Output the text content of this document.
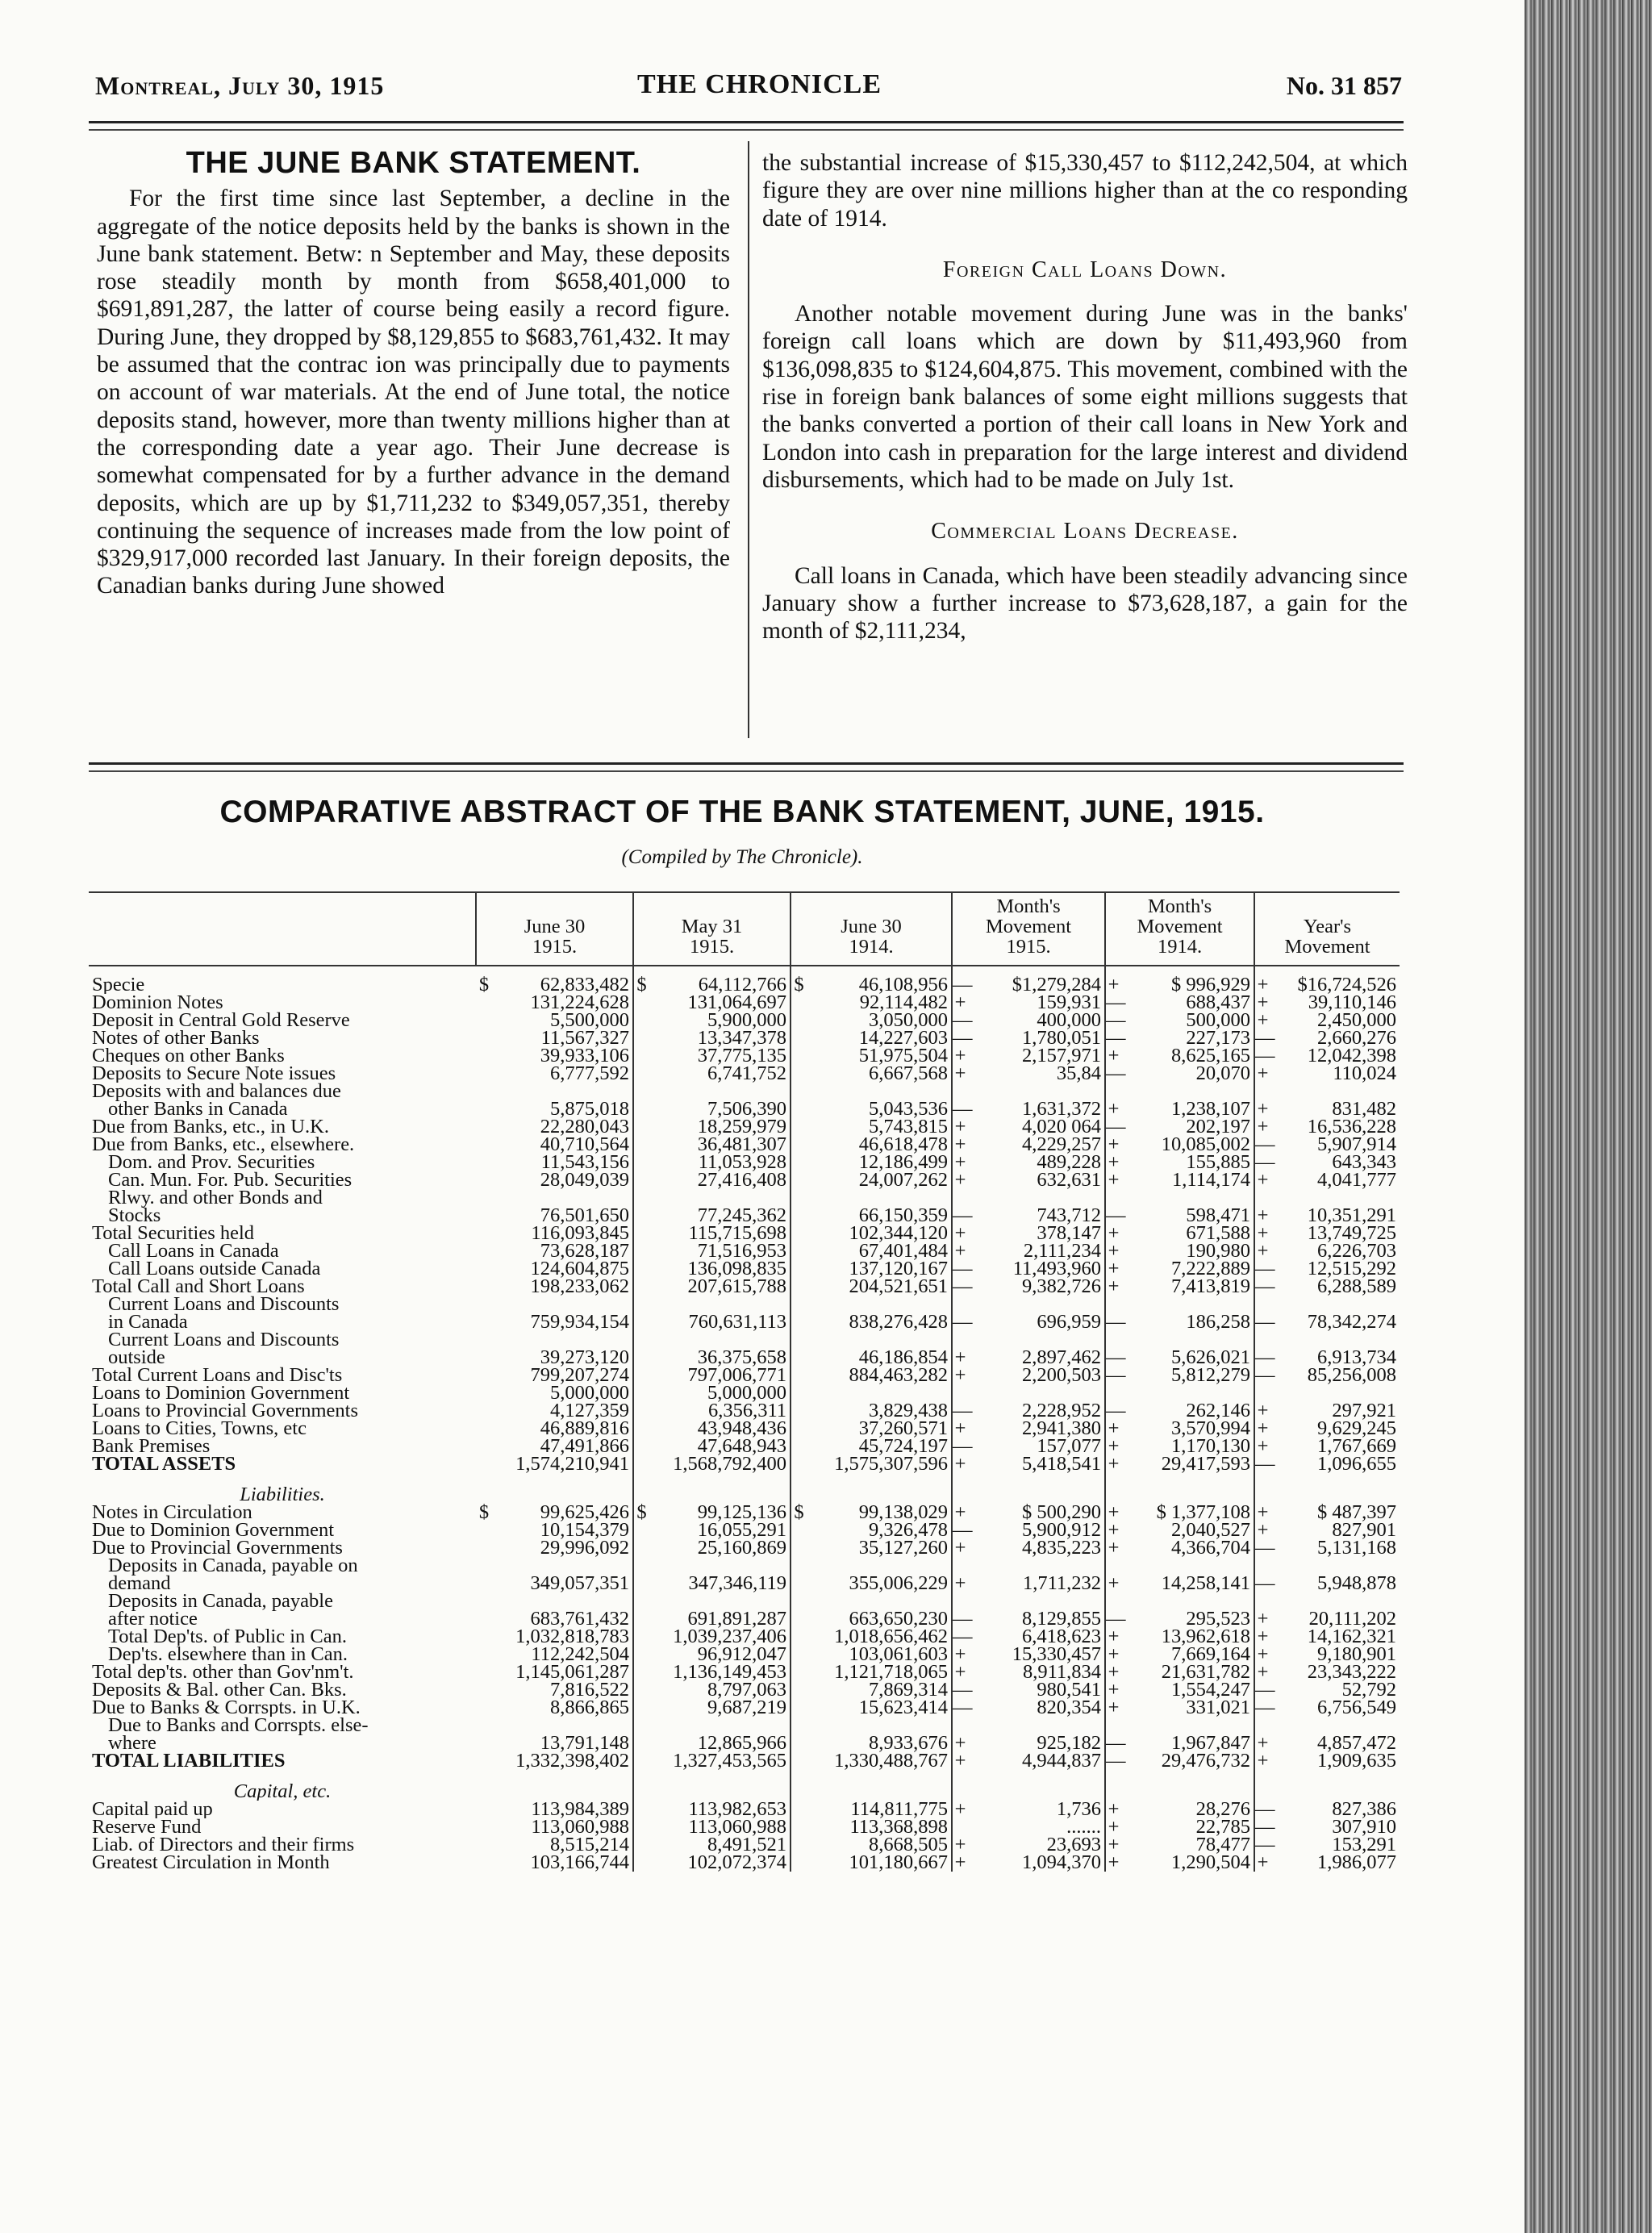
Montreal, July 30, 1915	THE CHRONICLE	No. 31 857
THE JUNE BANK STATEMENT.

For the first time since last September, a decline in the aggregate of the notice deposits held by the banks is shown in the June bank statement. Betw: n September and May, these deposits rose steadily month by month from $658,401,000 to $691,891,287, the latter of course being easily a record figure. During June, they dropped by $8,129,855 to $683,761,432. It may be assumed that the contrac ion was principally due to payments on account of war materials. At the end of June total, the notice deposits stand, however, more than twenty millions higher than at the corresponding date a year ago. Their June decrease is somewhat compensated for by a further advance in the demand deposits, which are up by $1,711,232 to $349,057,351, thereby continuing the sequence of increases made from the low point of $329,917,000 recorded last January. In their foreign deposits, the Canadian banks during June showed

the substantial increase of $15,330,457 to $112,242,504, at which figure they are over nine millions higher than at the co responding date of 1914.

Foreign Call Loans Down.

Another notable movement during June was in the banks' foreign call loans which are down by $11,493,960 from $136,098,835 to $124,604,875. This movement, combined with the rise in foreign bank balances of some eight millions suggests that the banks converted a portion of their call loans in New York and London into cash in preparation for the large interest and dividend disbursements, which had to be made on July 1st.

Commercial Loans Decrease.

Call loans in Canada, which have been steadily advancing since January show a further increase to $73,628,187, a gain for the month of $2,111,234,

COMPARATIVE ABSTRACT OF THE BANK STATEMENT, JUNE, 1915.
(Compiled by The Chronicle).
	June 30
1915.		May 31
1915.		June 30
1914.		Month's
Movement
1915.		Month's
Movement
1914.		Year's
Movement	

Specie	$	62,833,482	$	64,112,766	$	46,108,956	—	$1,279,284	+	$ 996,929	+	$16,724,526

Dominion Notes		131,224,628		131,064,697		92,114,482	+	159,931	—	688,437	+	39,110,146

Deposit in Central Gold Reserve		5,500,000		5,900,000		3,050,000	—	400,000	—	500,000	+	2,450,000

Notes of other Banks		11,567,327		13,347,378		14,227,603	—	1,780,051	—	227,173	—	2,660,276

Cheques on other Banks		39,933,106		37,775,135		51,975,504	+	2,157,971	+	8,625,165	—	12,042,398

Deposits to Secure Note issues		6,777,592		6,741,752		6,667,568	+	35,84	—	20,070	+	110,024

Deposits with and balances due
other Banks in Canada		5,875,018		7,506,390		5,043,536	—	1,631,372	+	1,238,107	+	831,482

Due from Banks, etc., in U.K.		22,280,043		18,259,979		5,743,815	+	4,020 064	—	202,197	+	16,536,228

Due from Banks, etc., elsewhere.		40,710,564		36,481,307		46,618,478	+	4,229,257	+	10,085,002	—	5,907,914

Dom. and Prov. Securities		11,543,156		11,053,928		12,186,499	+	489,228	+	155,885	—	643,343

Can. Mun. For. Pub. Securities		28,049,039		27,416,408		24,007,262	+	632,631	+	1,114,174	+	4,041,777

Rlwy. and other Bonds and
Stocks		76,501,650		77,245,362		66,150,359	—	743,712	—	598,471	+	10,351,291

Total Securities held		116,093,845		115,715,698		102,344,120	+	378,147	+	671,588	+	13,749,725

Call Loans in Canada		73,628,187		71,516,953		67,401,484	+	2,111,234	+	190,980	+	6,226,703

Call Loans outside Canada		124,604,875		136,098,835		137,120,167	—	11,493,960	+	7,222,889	—	12,515,292

Total Call and Short Loans		198,233,062		207,615,788		204,521,651	—	9,382,726	+	7,413,819	—	6,288,589

Current Loans and Discounts
in Canada		759,934,154		760,631,113		838,276,428	—	696,959	—	186,258	—	78,342,274

Current Loans and Discounts
outside		39,273,120		36,375,658		46,186,854	+	2,897,462	—	5,626,021	—	6,913,734

Total Current Loans and Disc'ts		799,207,274		797,006,771		884,463,282	+	2,200,503	—	5,812,279	—	85,256,008

Loans to Dominion Government		5,000,000		5,000,000								

Loans to Provincial Governments		4,127,359		6,356,311		3,829,438	—	2,228,952	—	262,146	+	297,921

Loans to Cities, Towns, etc		46,889,816		43,948,436		37,260,571	+	2,941,380	+	3,570,994	+	9,629,245

Bank Premises		47,491,866		47,648,943		45,724,197	—	157,077	+	1,170,130	+	1,767,669

TOTAL ASSETS		1,574,210,941		1,568,792,400		1,575,307,596	+	5,418,541	+	29,417,593	—	1,096,655
Liabilities.												

Notes in Circulation	$	99,625,426	$	99,125,136	$	99,138,029	+	$ 500,290	+	$ 1,377,108	+	$ 487,397

Due to Dominion Government		10,154,379		16,055,291		9,326,478	—	5,900,912	+	2,040,527	+	827,901

Due to Provincial Governments		29,996,092		25,160,869		35,127,260	+	4,835,223	+	4,366,704	—	5,131,168

Deposits in Canada, payable on
demand		349,057,351		347,346,119		355,006,229	+	1,711,232	+	14,258,141	—	5,948,878

Deposits in Canada, payable
after notice		683,761,432		691,891,287		663,650,230	—	8,129,855	—	295,523	+	20,111,202

Total Dep'ts. of Public in Can.		1,032,818,783		1,039,237,406		1,018,656,462	—	6,418,623	+	13,962,618	+	14,162,321

Dep'ts. elsewhere than in Can.		112,242,504		96,912,047		103,061,603	+	15,330,457	+	7,669,164	+	9,180,901

Total dep'ts. other than Gov'nm't.		1,145,061,287		1,136,149,453		1,121,718,065	+	8,911,834	+	21,631,782	+	23,343,222

Deposits & Bal. other Can. Bks.		7,816,522		8,797,063		7,869,314	—	980,541	+	1,554,247	—	52,792

Due to Banks & Corrspts. in U.K.		8,866,865		9,687,219		15,623,414	—	820,354	+	331,021	—	6,756,549

Due to Banks and Corrspts. else-
where		13,791,148		12,865,966		8,933,676	+	925,182	—	1,967,847	+	4,857,472

TOTAL LIABILITIES		1,332,398,402		1,327,453,565		1,330,488,767	+	4,944,837	—	29,476,732	+	1,909,635
Capital, etc.												

Capital paid up		113,984,389		113,982,653		114,811,775	+	1,736	+	28,276	—	827,386

Reserve Fund		113,060,988		113,060,988		113,368,898		.......	+	22,785	—	307,910

Liab. of Directors and their firms		8,515,214		8,491,521		8,668,505	+	23,693	+	78,477	—	153,291

Greatest Circulation in Month		103,166,744		102,072,374		101,180,667	+	1,094,370	+	1,290,504	+	1,986,077
